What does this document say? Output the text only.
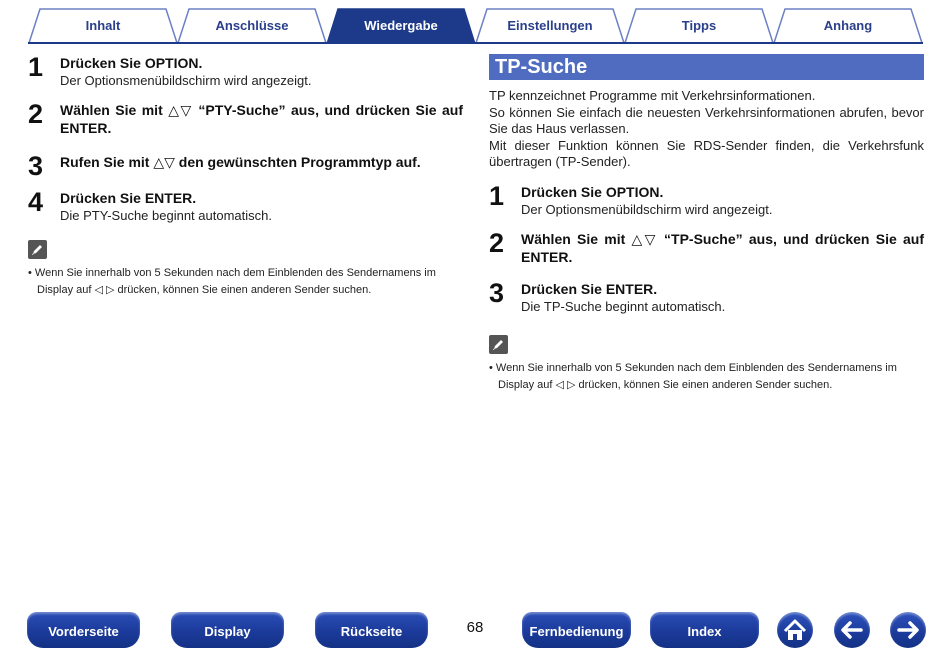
Inhalt	Anschlüsse	Wiedergabe	Einstellungen	Tipps	Anhang
1 Drücken Sie OPTION.
Der Optionsmenübildschirm wird angezeigt.
2 Wählen Sie mit △▽ “PTY-Suche” aus, und drücken Sie auf ENTER.
3 Rufen Sie mit △▽ den gewünschten Programmtyp auf.
4 Drücken Sie ENTER.
Die PTY-Suche beginnt automatisch.
• Wenn Sie innerhalb von 5 Sekunden nach dem Einblenden des Sendernamens im Display auf ◁ ▷ drücken, können Sie einen anderen Sender suchen.
TP-Suche

TP kennzeichnet Programme mit Verkehrsinformationen.

So können Sie einfach die neuesten Verkehrsinformationen abrufen, bevor Sie das Haus verlassen.

Mit dieser Funktion können Sie RDS-Sender finden, die Verkehrsfunk übertragen (TP-Sender).

1 Drücken Sie OPTION.
Der Optionsmenübildschirm wird angezeigt.
2 Wählen Sie mit △▽ “TP-Suche” aus, und drücken Sie auf ENTER.
3 Drücken Sie ENTER.
Die TP-Suche beginnt automatisch.
• Wenn Sie innerhalb von 5 Sekunden nach dem Einblenden des Sendernamens im Display auf ◁ ▷ drücken, können Sie einen anderen Sender suchen.
Vorderseite	Display	Rückseite	68	Fernbedienung	Index
